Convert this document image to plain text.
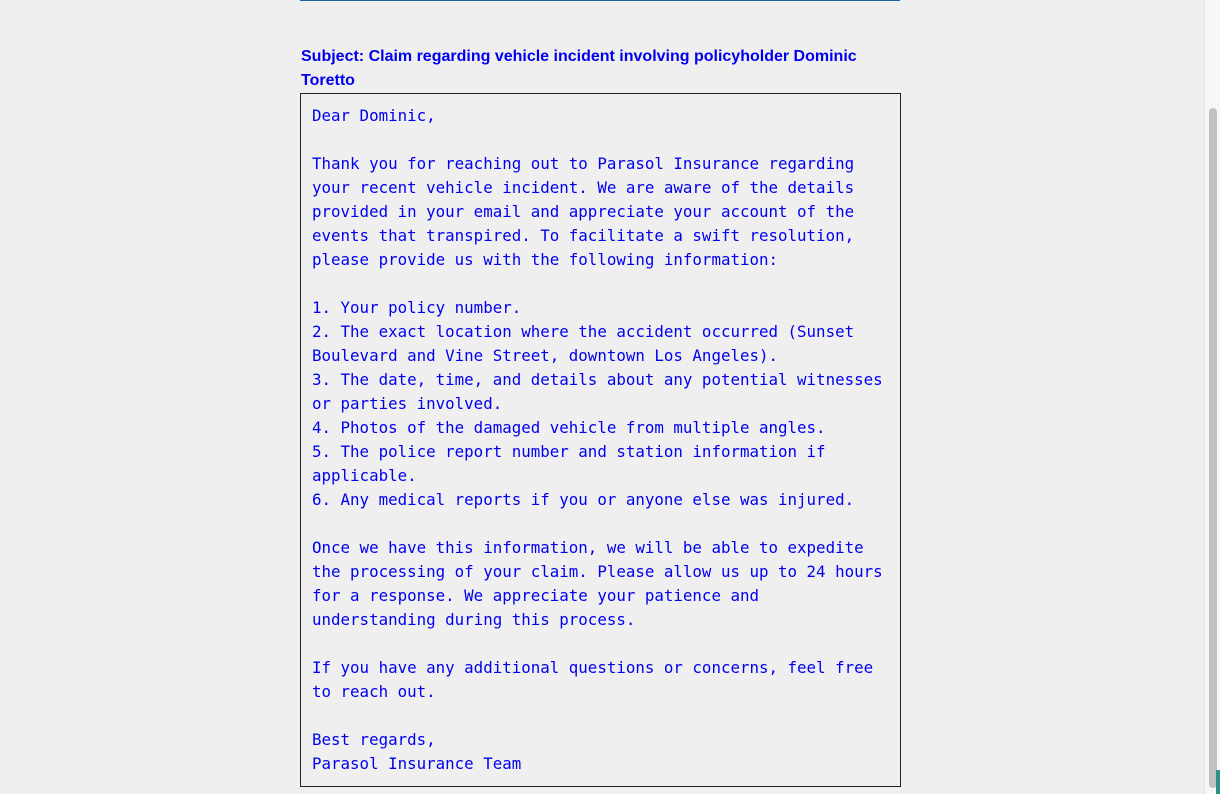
Subject: Claim regarding vehicle incident involving policyholder Dominic Toretto
Dear Dominic,

Thank you for reaching out to Parasol Insurance regarding your recent vehicle incident. We are aware of the details provided in your email and appreciate your account of the events that transpired. To facilitate a swift resolution, please provide us with the following information:

1. Your policy number.
2. The exact location where the accident occurred (Sunset Boulevard and Vine Street, downtown Los Angeles).
3. The date, time, and details about any potential witnesses or parties involved.
4. Photos of the damaged vehicle from multiple angles.
5. The police report number and station information if applicable.
6. Any medical reports if you or anyone else was injured.

Once we have this information, we will be able to expedite the processing of your claim. Please allow us up to 24 hours for a response. We appreciate your patience and understanding during this process.

If you have any additional questions or concerns, feel free to reach out.

Best regards,
Parasol Insurance Team
